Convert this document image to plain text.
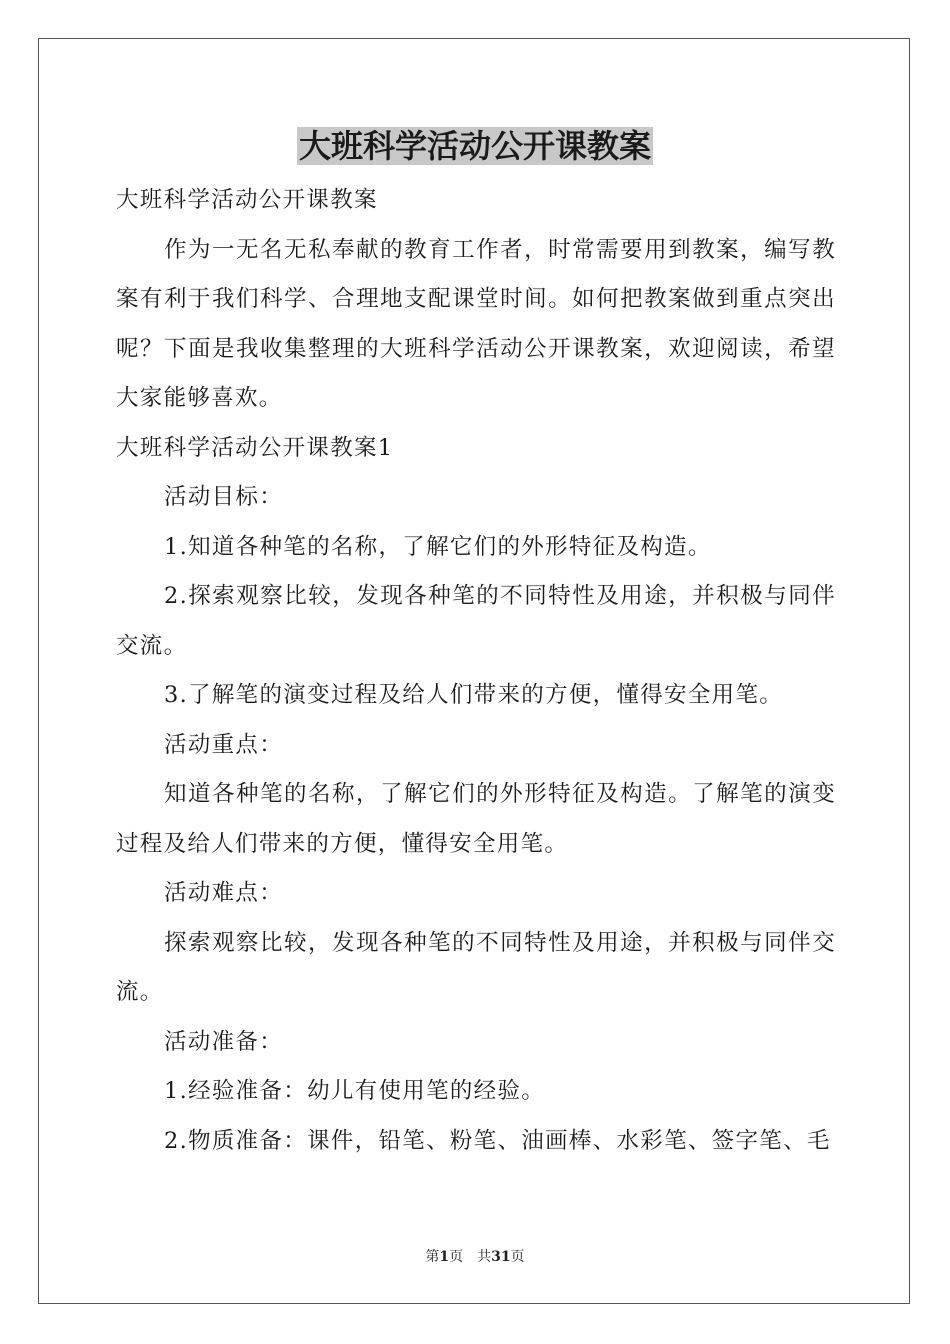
大班科学活动公开课教案

大班科学活动公开课教案

作为一无名无私奉献的教育工作者，时常需要用到教案，编写教案有利于我们科学、合理地支配课堂时间。如何把教案做到重点突出呢？下面是我收集整理的大班科学活动公开课教案，欢迎阅读，希望大家能够喜欢。

大班科学活动公开课教案1

活动目标：

1.知道各种笔的名称，了解它们的外形特征及构造。

2.探索观察比较，发现各种笔的不同特性及用途，并积极与同伴交流。

3.了解笔的演变过程及给人们带来的方便，懂得安全用笔。

活动重点：

知道各种笔的名称，了解它们的外形特征及构造。了解笔的演变过程及给人们带来的方便，懂得安全用笔。

活动难点：

探索观察比较，发现各种笔的不同特性及用途，并积极与同伴交流。

活动准备：

1.经验准备：幼儿有使用笔的经验。

2.物质准备：课件，铅笔、粉笔、油画棒、水彩笔、签字笔、毛

第1页 共31页
